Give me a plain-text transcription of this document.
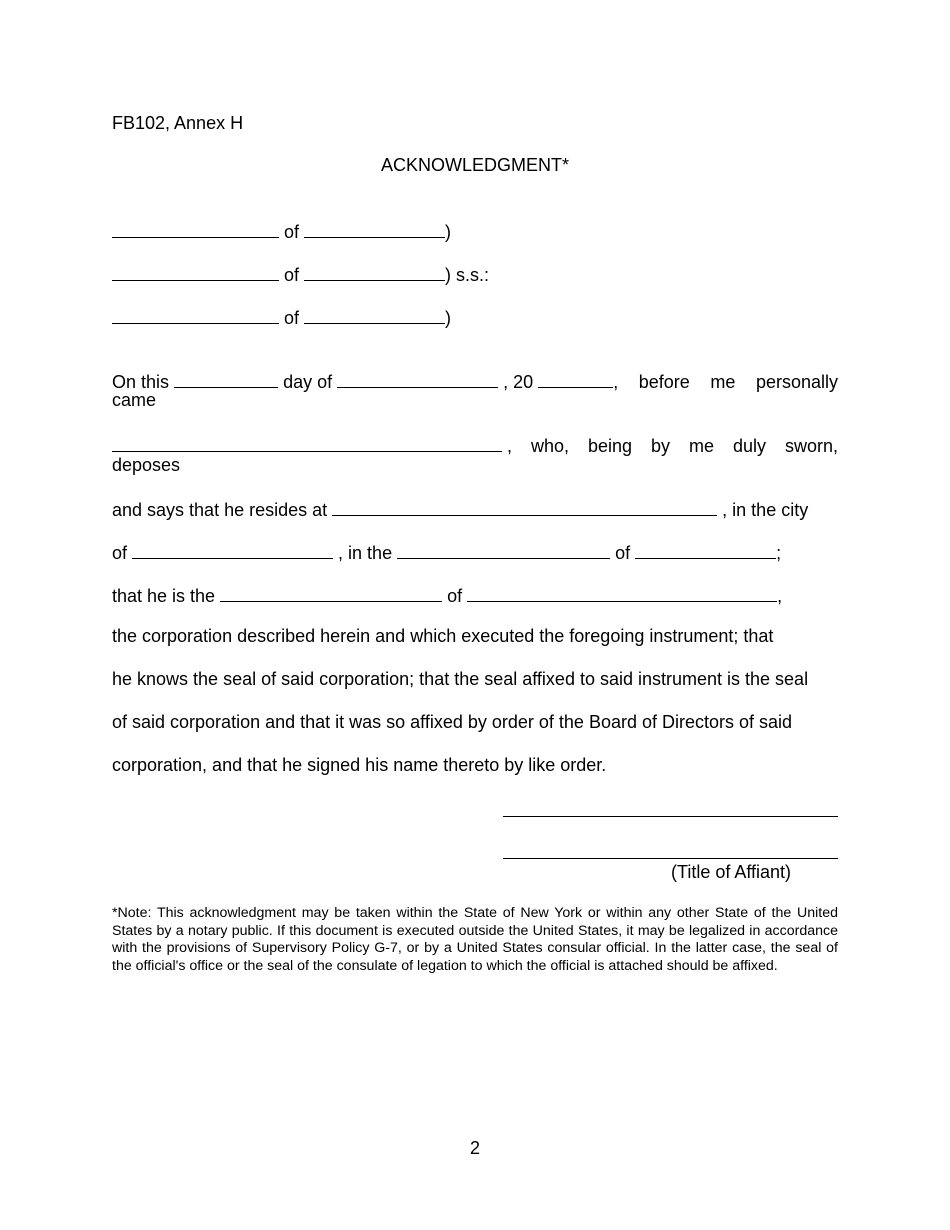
FB102, Annex H
ACKNOWLEDGMENT*
of	)
of	) s.s.:
of	)
On this	day of	, 20	, before me personally
came
, who, being by me duly sworn,
deposes
and says that he resides at	, in the city
of	, in the	of	;
that he is the	of	,
the corporation described herein and which executed the foregoing instrument; that
he knows the seal of said corporation; that the seal affixed to said instrument is the seal
of said corporation and that it was so affixed by order of the Board of Directors of said
corporation, and that he signed his name thereto by like order.
(Title of Affiant)
*Note: This acknowledgment may be taken within the State of New York or within any other State of the United States by a notary public. If this document is executed outside the United States, it may be legalized in accordance with the provisions of Supervisory Policy G-7, or by a United States consular official. In the latter case, the seal of the official's office or the seal of the consulate of legation to which the official is attached should be affixed.
2
